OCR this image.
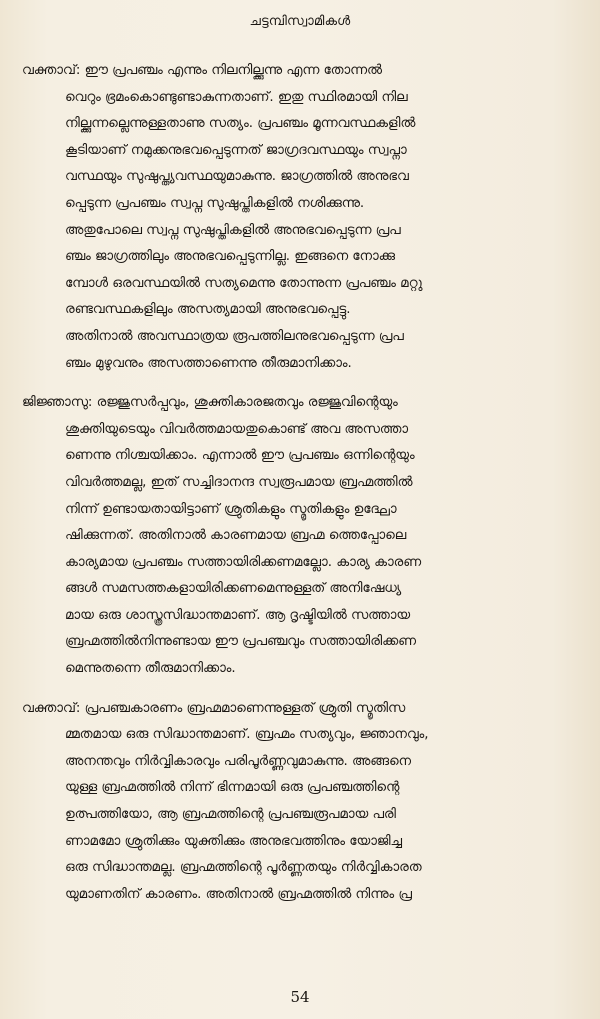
ചട്ടമ്പിസ്വാമികൾ
വക്താവ്: ഈ പ്രപഞ്ചം എന്നും നിലനില്ക്കുന്നു എന്ന തോന്നൽ
വെറും ഭ്രമംകൊണ്ടുണ്ടാകുന്നതാണ്. ഇതു സ്ഥിരമായി നില
നില്ക്കുന്നല്ലെന്നുള്ളതാണു സത്യം. പ്രപഞ്ചം മൂന്നവസ്ഥകളിൽ
കൂടിയാണ് നമുക്കനുഭവപ്പെടുന്നത് ജാഗ്രദവസ്ഥയും സ്വപ്നാ
വസ്ഥയും സുഷുപ്ത്യവസ്ഥയുമാകുന്നു. ജാഗ്രത്തിൽ അനുഭവ
പ്പെടുന്ന പ്രപഞ്ചം സ്വപ്ന സുഷുപ്തികളിൽ നശിക്കുന്നു.
അതുപോലെ സ്വപ്ന സുഷുപ്തികളിൽ അനുഭവപ്പെടുന്ന പ്രപ
ഞ്ചം ജാഗ്രത്തിലും അനുഭവപ്പെടുന്നില്ല. ഇങ്ങനെ നോക്കു
മ്പോൾ ഒരവസ്ഥയിൽ സത്യമെന്നു തോന്നുന്ന പ്രപഞ്ചം മറ്റു
രണ്ടവസ്ഥകളിലും അസത്യമായി അനുഭവപ്പെട്ടു.
അതിനാൽ അവസ്ഥാത്രയ രൂപത്തിലനുഭവപ്പെടുന്ന പ്രപ
ഞ്ചം മുഴുവനും അസത്താണെന്നു തീരുമാനിക്കാം.
ജിജ്ഞാസു: രജ്ജുസർപ്പവും, ശുക്തികാരജതവും രജ്ജുവിന്റെയും
ശുക്തിയുടെയും വിവർത്തമായതുകൊണ്ട് അവ അസത്താ
ണെന്നു നിശ്ചയിക്കാം. എന്നാൽ ഈ പ്രപഞ്ചം ഒന്നിന്റെയും
വിവർത്തമല്ല, ഇത് സച്ചിദാനന്ദ സ്വരൂപമായ ബ്രഹ്മത്തിൽ
നിന്ന് ഉണ്ടായതായിട്ടാണ് ശ്രുതികളും സ്മൃതികളും ഉദ്ഘോ
ഷിക്കുന്നത്. അതിനാൽ കാരണമായ ബ്രഹ്മ ത്തെപ്പോലെ
കാര്യമായ പ്രപഞ്ചം സത്തായിരിക്കണമല്ലോ. കാര്യ കാരണ
ങ്ങൾ സമസത്തകളായിരിക്കണമെന്നുള്ളത് അനിഷേധ്യ
മായ ഒരു ശാസ്ത്രസിദ്ധാന്തമാണ്. ആ ദൃഷ്ടിയിൽ സത്തായ
ബ്രഹ്മത്തിൽനിന്നുണ്ടായ ഈ പ്രപഞ്ചവും സത്തായിരിക്കണ
മെന്നുതന്നെ തീരുമാനിക്കാം.
വക്താവ്: പ്രപഞ്ചകാരണം ബ്രഹ്മമാണെന്നുള്ളത് ശ്രുതി സ്മൃതിസ
മ്മതമായ ഒരു സിദ്ധാന്തമാണ്. ബ്രഹ്മം സത്യവും, ജ്ഞാനവും,
അനന്തവും നിർവ്വികാരവും പരിപൂർണ്ണവുമാകുന്നു. അങ്ങനെ
യുള്ള ബ്രഹ്മത്തിൽ നിന്ന് ഭിന്നമായി ഒരു പ്രപഞ്ചത്തിന്റെ
ഉത്പത്തിയോ, ആ ബ്രഹ്മത്തിന്റെ പ്രപഞ്ചരൂപമായ പരി
ണാമമോ ശ്രുതിക്കും യുക്തിക്കും അനുഭവത്തിനും യോജിച്ച
ഒരു സിദ്ധാന്തമല്ല. ബ്രഹ്മത്തിന്റെ പൂർണ്ണതയും നിർവ്വികാരത
യുമാണതിന് കാരണം. അതിനാൽ ബ്രഹ്മത്തിൽ നിന്നും പ്ര
54
